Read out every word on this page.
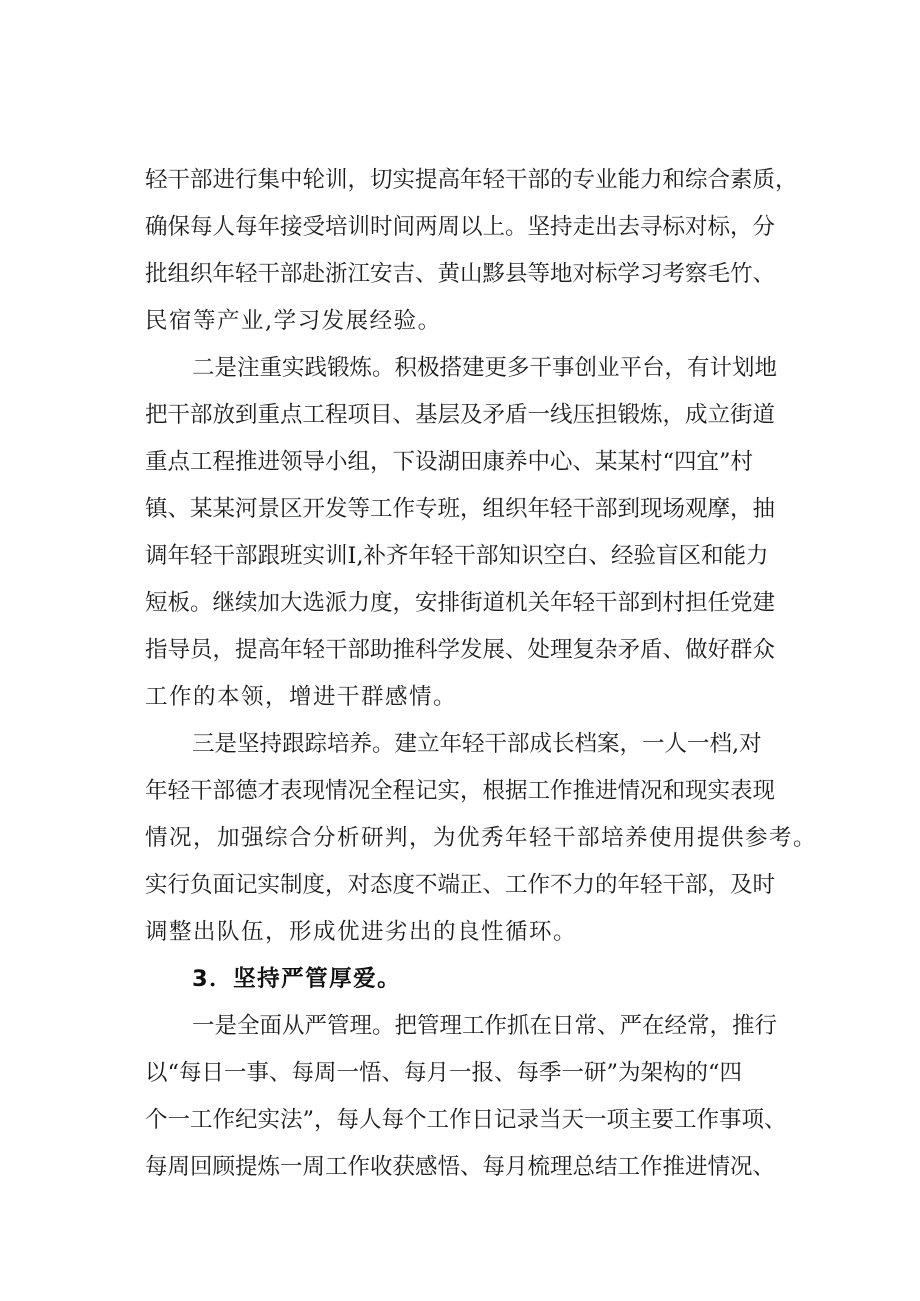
轻干部进行集中轮训，切实提高年轻干部的专业能力和综合素质，
确保每人每年接受培训时间两周以上。坚持走出去寻标对标，分
批组织年轻干部赴浙江安吉、黄山黟县等地对标学习考察毛竹、
民宿等产业,学习发展经验。
二是注重实践锻炼。积极搭建更多干事创业平台，有计划地
把干部放到重点工程项目、基层及矛盾一线压担锻炼，成立街道
重点工程推进领导小组，下设湖田康养中心、某某村“四宜”村
镇、某某河景区开发等工作专班，组织年轻干部到现场观摩，抽
调年轻干部跟班实训Ⅰ,补齐年轻干部知识空白、经验盲区和能力
短板。继续加大选派力度，安排街道机关年轻干部到村担任党建
指导员，提高年轻干部助推科学发展、处理复杂矛盾、做好群众
工作的本领，增进干群感情。
三是坚持跟踪培养。建立年轻干部成长档案，一人一档,对
年轻干部德才表现情况全程记实，根据工作推进情况和现实表现
情况，加强综合分析研判，为优秀年轻干部培养使用提供参考。
实行负面记实制度，对态度不端正、工作不力的年轻干部，及时
调整出队伍，形成优进劣出的良性循环。
3．坚持严管厚爱。
一是全面从严管理。把管理工作抓在日常、严在经常，推行
以“每日一事、每周一悟、每月一报、每季一研”为架构的“四
个一工作纪实法”，每人每个工作日记录当天一项主要工作事项、
每周回顾提炼一周工作收获感悟、每月梳理总结工作推进情况、
